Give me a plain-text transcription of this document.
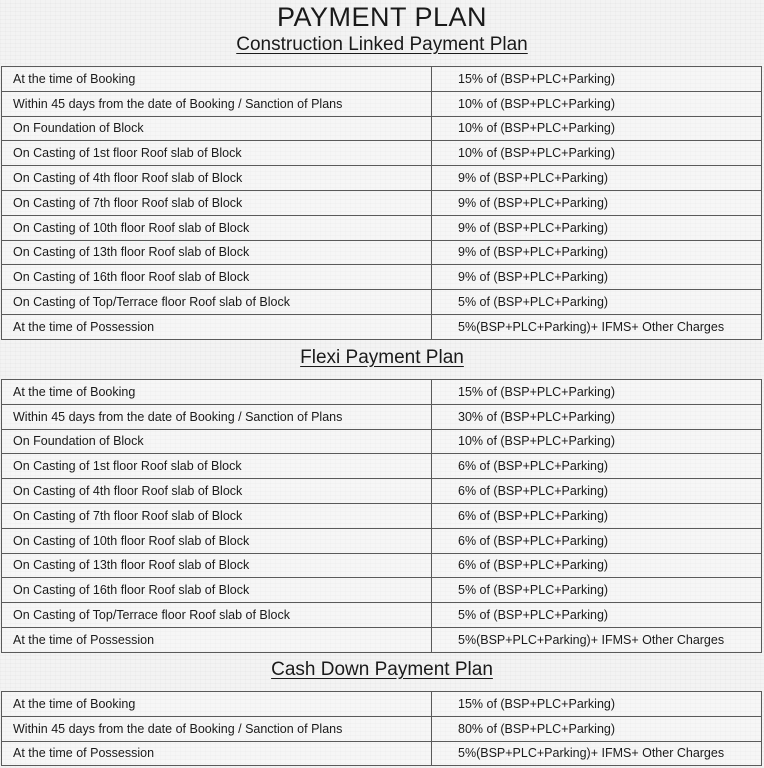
PAYMENT PLAN
Construction Linked Payment Plan
At the time of Booking	15% of (BSP+PLC+Parking)
Within 45 days from the date of Booking / Sanction of Plans	10% of (BSP+PLC+Parking)
On Foundation of Block	10% of (BSP+PLC+Parking)
On Casting of 1st floor Roof slab of Block	10% of (BSP+PLC+Parking)
On Casting of 4th floor Roof slab of Block	9% of (BSP+PLC+Parking)
On Casting of 7th floor Roof slab of Block	9% of (BSP+PLC+Parking)
On Casting of 10th floor Roof slab of Block	9% of (BSP+PLC+Parking)
On Casting of 13th floor Roof slab of Block	9% of (BSP+PLC+Parking)
On Casting of 16th floor Roof slab of Block	9% of (BSP+PLC+Parking)
On Casting of Top/Terrace floor Roof slab of Block	5% of (BSP+PLC+Parking)
At the time of Possession	5%(BSP+PLC+Parking)+ IFMS+ Other Charges
Flexi Payment Plan
At the time of Booking	15% of (BSP+PLC+Parking)
Within 45 days from the date of Booking / Sanction of Plans	30% of (BSP+PLC+Parking)
On Foundation of Block	10% of (BSP+PLC+Parking)
On Casting of 1st floor Roof slab of Block	6% of (BSP+PLC+Parking)
On Casting of 4th floor Roof slab of Block	6% of (BSP+PLC+Parking)
On Casting of 7th floor Roof slab of Block	6% of (BSP+PLC+Parking)
On Casting of 10th floor Roof slab of Block	6% of (BSP+PLC+Parking)
On Casting of 13th floor Roof slab of Block	6% of (BSP+PLC+Parking)
On Casting of 16th floor Roof slab of Block	5% of (BSP+PLC+Parking)
On Casting of Top/Terrace floor Roof slab of Block	5% of (BSP+PLC+Parking)
At the time of Possession	5%(BSP+PLC+Parking)+ IFMS+ Other Charges
Cash Down Payment Plan
At the time of Booking	15% of (BSP+PLC+Parking)
Within 45 days from the date of Booking / Sanction of Plans	80% of (BSP+PLC+Parking)
At the time of Possession	5%(BSP+PLC+Parking)+ IFMS+ Other Charges
